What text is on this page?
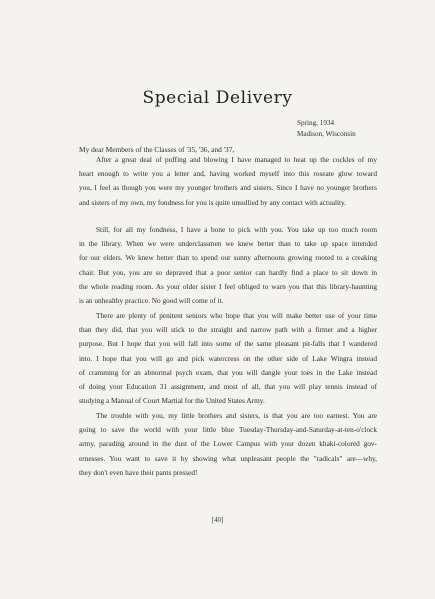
Special Delivery
Spring, 1934
Madison, Wisconsin
My dear Members of the Classes of '35, '36, and '37,
After a great deal of puffing and blowing I have managed to heat up the cockles of my
heart enough to write you a letter and, having worked myself into this roseate glow toward
you, I feel as though you were my younger brothers and sisters. Since I have no younger brothers
and sisters of my own, my fondness for you is quite unsullied by any contact with actuality.
Still, for all my fondness, I have a bone to pick with you. You take up too much room
in the library. When we were underclassmen we knew better than to take up space intended
for our elders. We knew better than to spend our sunny afternoons growing rooted to a creaking
chair. But you, you are so depraved that a poor senior can hardly find a place to sit down in
the whole reading room. As your older sister I feel obliged to warn you that this library-haunting
is an unhealthy practice. No good will come of it.
There are plenty of penitent seniors who hope that you will make better use of your time
than they did, that you will stick to the straight and narrow path with a firmer and a higher
purpose. But I hope that you will fall into some of the same pleasant pit-falls that I wandered
into. I hope that you will go and pick watercress on the other side of Lake Wingra instead
of cramming for an abnormal psych exam, that you will dangle your toes in the Lake instead
of doing your Education 31 assignment, and most of all, that you will play tennis instead of
studying a Manual of Court Martial for the United States Army.
The trouble with you, my little brothers and sisters, is that you are too earnest. You are
going to save the world with your little blue Tuesday-Thursday-and-Saturday-at-ten-o'clock
army, parading around in the dust of the Lower Campus with your dozen khaki-colored gov-
ernesses. You want to save it by showing what unpleasant people the "radicals" are—why,
they don't even have their pants pressed!
[40]
